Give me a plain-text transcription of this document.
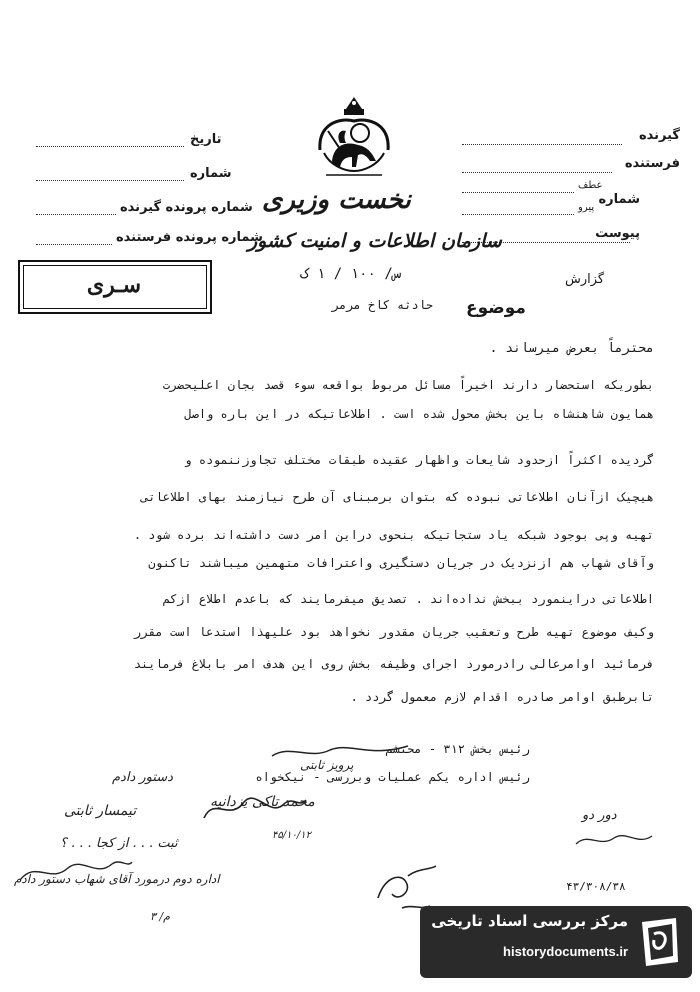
گیرنده
فرستنده
شماره
عطف
پیرو
پیوست
گزارش
تاریخ
شماره
شماره پرونده گیرنده
شماره پرونده فرستنده
نخست وزیری
سازمان اطلاعات و امنیت کشور
س/ ۱۰۰ / ۱ ک
حادثه کاخ مرمر موضوع
سـری
محترماً بعرض میرساند .
بطوریکه استحضار دارند اخیراً مسائل مربوط بواقعه سوء قصد بجان اعلیحضرت
همایون شاهنشاه باین بخش محول شده است . اطلاعاتیکه در این باره واصل
گردیده اکثراً ازحدود شایعات واظهار عقیده طبقات مختلف تجاوزننموده و
هیچیک ازآنان اطلاعاتی نبوده که بتوان برمبنای آن طرح نیازمند بهای اطلاعاتی
تهیه وپی بوجود شبکه یاد ستجاتیکه بنحوی دراین امر دست داشته‌اند برده شود .
وآقای شهاب هم ازنزدیک در جریان دستگیری واعترافات متهمین میباشند تاکنون
اطلاعاتی دراینمورد ببخش نداده‌اند . تصدیق میفرمایند که باعدم اطلاع ازکم
وکیف موضوع تهیه طرح وتعقیب جریان مقدور نخواهد بود علیهذا استدعا است مقرر
فرمائید اوامرعالی رادرمورد اجرای وظیفه بخش روی این هدف امر بابلاغ فرمایند
تابرطبق اوامر صادره اقدام لازم معمول گردد .
رئیس بخش ۳۱۲ - محتشم
پرویز ثابتی
رئیس اداره یکم عملیات وبررسی - نیکخواه
محمد تاکی یزدانیه
۴۵/۱۰/۱۲
دستور دادم
تیمسار ثابتی
ثبت . . . از کجا . . . ؟
اداره دوم درمورد آقای شهاب دستور دادم
م/ ۳
دور دو
۴۳/۳۰۸/۳۸
مرکز بررسی اسناد تاریخی
historydocuments.ir
